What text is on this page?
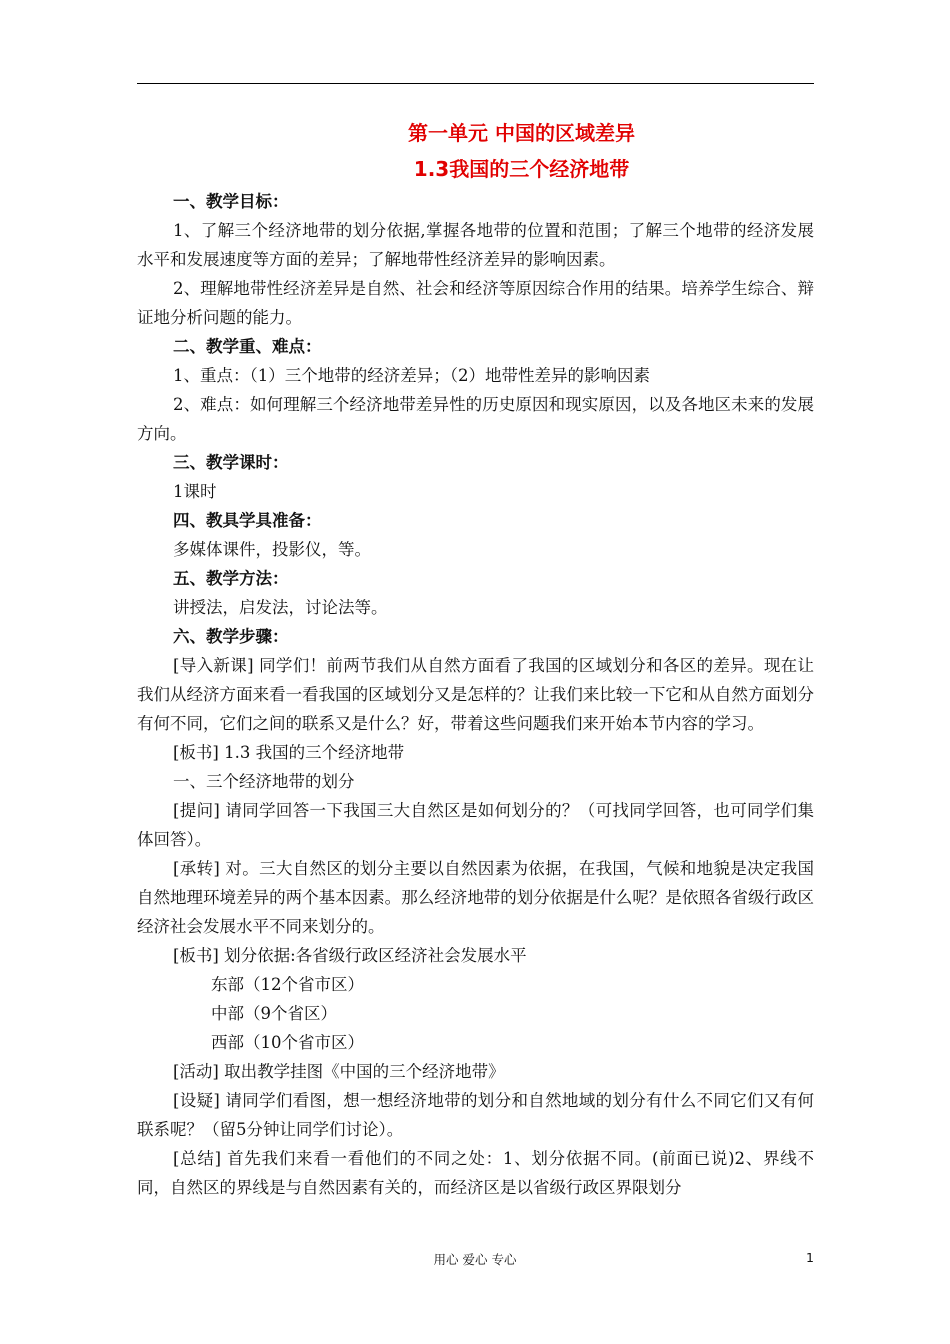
第一单元 中国的区域差异

1.3我国的三个经济地带

一、教学目标：

1、了解三个经济地带的划分依据,掌握各地带的位置和范围；了解三个地带的经济发展水平和发展速度等方面的差异；了解地带性经济差异的影响因素。

2、理解地带性经济差异是自然、社会和经济等原因综合作用的结果。培养学生综合、辩证地分析问题的能力。

二、教学重、难点：

1、重点：（1）三个地带的经济差异；（2）地带性差异的影响因素

2、难点：如何理解三个经济地带差异性的历史原因和现实原因，以及各地区未来的发展方向。

三、教学课时：

1课时

四、教具学具准备：

多媒体课件，投影仪，等。

五、教学方法：

讲授法，启发法，讨论法等。

六、教学步骤：

[导入新课] 同学们！前两节我们从自然方面看了我国的区域划分和各区的差异。现在让我们从经济方面来看一看我国的区域划分又是怎样的？让我们来比较一下它和从自然方面划分有何不同，它们之间的联系又是什么？好，带着这些问题我们来开始本节内容的学习。

[板书] 1.3 我国的三个经济地带

一、三个经济地带的划分

[提问] 请同学回答一下我国三大自然区是如何划分的？（可找同学回答，也可同学们集体回答）。

[承转] 对。三大自然区的划分主要以自然因素为依据，在我国，气候和地貌是决定我国自然地理环境差异的两个基本因素。那么经济地带的划分依据是什么呢？是依照各省级行政区经济社会发展水平不同来划分的。

[板书] 划分依据:各省级行政区经济社会发展水平

东部（12个省市区）

中部（9个省区）

西部（10个省市区）

[活动] 取出教学挂图《中国的三个经济地带》

[设疑] 请同学们看图，想一想经济地带的划分和自然地域的划分有什么不同它们又有何联系呢？（留5分钟让同学们讨论）。

[总结] 首先我们来看一看他们的不同之处：1、划分依据不同。(前面已说)2、界线不同，自然区的界线是与自然因素有关的，而经济区是以省级行政区界限划分

用心 爱心 专心	1
